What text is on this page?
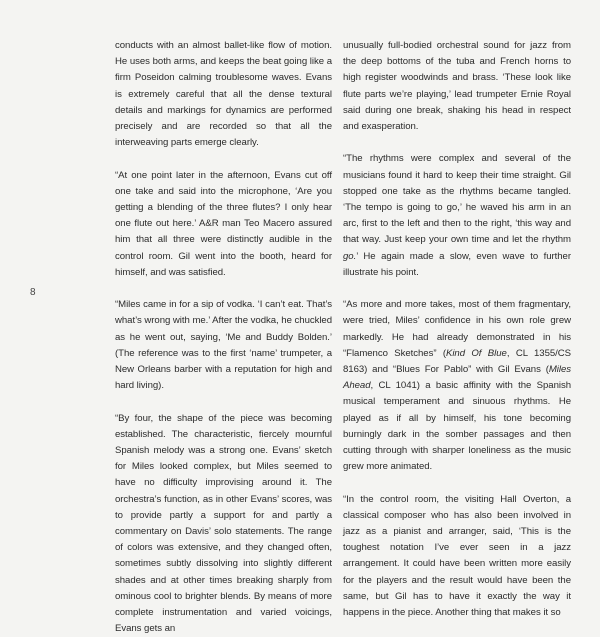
8

conducts with an almost ballet-like flow of motion. He uses both arms, and keeps the beat going like a firm Poseidon calming troublesome waves. Evans is extremely careful that all the dense textural details and markings for dynamics are performed precisely and are recorded so that all the interweaving parts emerge clearly.

“At one point later in the afternoon, Evans cut off one take and said into the microphone, ‘Are you getting a blending of the three flutes? I only hear one flute out here.’ A&R man Teo Macero assured him that all three were distinctly audible in the control room. Gil went into the booth, heard for himself, and was satisfied.

“Miles came in for a sip of vodka. ‘I can’t eat. That’s what’s wrong with me.’ After the vodka, he chuckled as he went out, saying, ‘Me and Buddy Bolden.’ (The reference was to the first ‘name’ trumpeter, a New Orleans barber with a reputation for high and hard living).

“By four, the shape of the piece was becoming established. The characteristic, fiercely mournful Spanish melody was a strong one. Evans’ sketch for Miles looked complex, but Miles seemed to have no difficulty improvising around it. The orchestra’s function, as in other Evans’ scores, was to provide partly a support for and partly a commentary on Davis’ solo statements. The range of colors was extensive, and they changed often, sometimes subtly dissolving into slightly different shades and at other times breaking sharply from ominous cool to brighter blends. By means of more complete instrumentation and varied voicings, Evans gets an

unusually full-bodied orchestral sound for jazz from the deep bottoms of the tuba and French horns to high register woodwinds and brass. ‘These look like flute parts we’re playing,’ lead trumpeter Ernie Royal said during one break, shaking his head in respect and exasperation.

“The rhythms were complex and several of the musicians found it hard to keep their time straight. Gil stopped one take as the rhythms became tangled. ‘The tempo is going to go,’ he waved his arm in an arc, first to the left and then to the right, ‘this way and that way. Just keep your own time and let the rhythm go.’ He again made a slow, even wave to further illustrate his point.

“As more and more takes, most of them fragmentary, were tried, Miles’ confidence in his own role grew markedly. He had already demonstrated in his “Flamenco Sketches” (Kind Of Blue, CL 1355/CS 8163) and “Blues For Pablo” with Gil Evans (Miles Ahead, CL 1041) a basic affinity with the Spanish musical temperament and sinuous rhythms. He played as if all by himself, his tone becoming burningly dark in the somber passages and then cutting through with sharper loneliness as the music grew more animated.

“In the control room, the visiting Hall Overton, a classical composer who has also been involved in jazz as a pianist and arranger, said, ‘This is the toughest notation I’ve ever seen in a jazz arrangement. It could have been written more easily for the players and the result would have been the same, but Gil has to have it exactly the way it happens in the piece. Another thing that makes it so
